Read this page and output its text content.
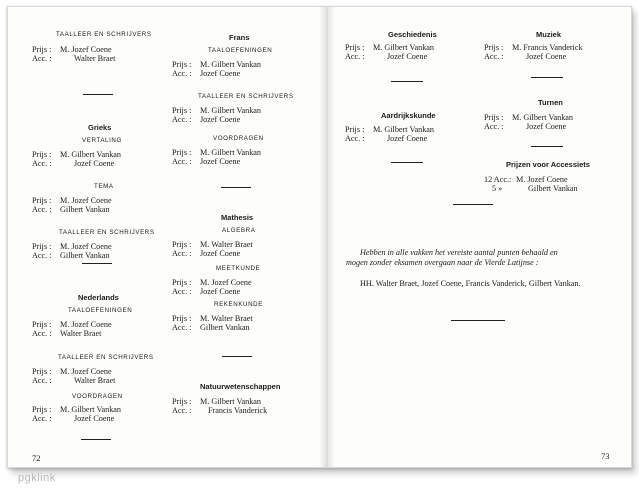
TAALLEER EN SCHRIJVERS
Prijs : M. Jozef Coene
Acc. :	Walter Braet
Grieks
VERTALING
Prijs : M. Gilbert Vankan
Acc. :	Jozef Coene
TEMA
Prijs : M. Jozef Coene
Acc. : Gilbert Vankan
TAALLEER EN SCHRIJVERS
Prijs : M. Jozef Coene
Acc. : Gilbert Vankan
Nederlands
TAALOEFENINGEN
Prijs : M. Jozef Coene
Acc. : Walter Braet
TAALLEER EN SCHRIJVERS
Prijs : M. Jozef Coene
Acc. :	Walter Braet
VOORDRAGEN
Prijs : M. Gilbert Vankan
Acc. :	Jozef Coene
72
Frans
TAALOEFENINGEN
Prijs : M. Gilbert Vankan
Acc. : Jozef Coene
TAALLEER EN SCHRIJVERS
Prijs : M. Gilbert Vankan
Acc. : Jozef Coene
VOORDRAGEN
Prijs : M. Gilbert Vankan
Acc. : Jozef Coene
Mathesis
ALGEBRA
Prijs : M. Walter Braet
Acc. : Jozef Coene
MEETKUNDE
Prijs : M. Jozef Coene
Acc. : Jozef Coene
REKENKUNDE
Prijs : M. Walter Braet
Acc. : Gilbert Vankan
Natuurwetenschappen
Prijs : M. Gilbert Vankan
Acc. : Francis Vanderick
Geschiedenis
Prijs : M. Gilbert Vankan
Acc. :	Jozef Coene
Aardrijkskunde
Prijs : M. Gilbert Vankan
Acc. :	Jozef Coene
Muziek
Prijs : M. Francis Vanderick
Acc. :	Jozef Coene
Turnen
Prijs : M. Gilbert Vankan
Acc. :	Jozef Coene
Prijzen voor Accessiets
12 Acc.: M. Jozef Coene
5 »	Gilbert Vankan
Hebben in alle vakken het vereiste aantal punten behaald en
mogen zonder eksamen overgaan naar de Vierde Latijnse :
HH. Walter Braet, Jozef Coene, Francis Vanderick, Gilbert Vankan.
73
pgklink
